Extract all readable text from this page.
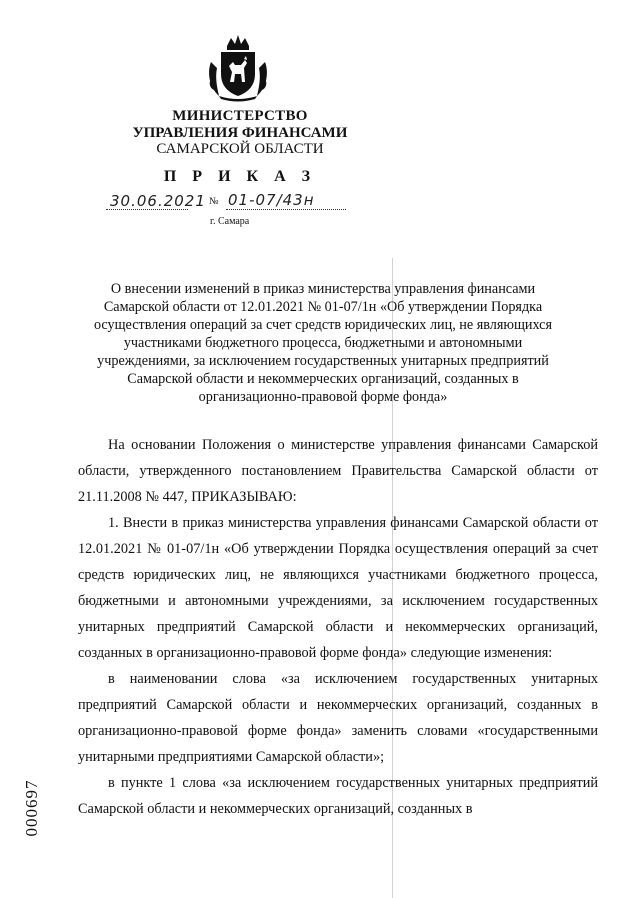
МИНИСТЕРСТВО
УПРАВЛЕНИЯ ФИНАНСАМИ
САМАРСКОЙ ОБЛАСТИ
П Р И К А З
30.06.2021 № 01-07/43н
г. Самара
О внесении изменений в приказ министерства управления финансами Самарской области от 12.01.2021 № 01-07/1н «Об утверждении Порядка осуществления операций за счет средств юридических лиц, не являющихся участниками бюджетного процесса, бюджетными и автономными учреждениями, за исключением государственных унитарных предприятий Самарской области и некоммерческих организаций, созданных в организационно-правовой форме фонда»

На основании Положения о министерстве управления финансами Самарской области, утвержденного постановлением Правительства Самарской области от 21.11.2008 № 447, ПРИКАЗЫВАЮ:

1. Внести в приказ министерства управления финансами Самарской области от 12.01.2021 № 01-07/1н «Об утверждении Порядка осуществления операций за счет средств юридических лиц, не являющихся участниками бюджетного процесса, бюджетными и автономными учреждениями, за исключением государственных унитарных предприятий Самарской области и некоммерческих организаций, созданных в организационно-правовой форме фонда» следующие изменения:

в наименовании слова «за исключением государственных унитарных предприятий Самарской области и некоммерческих организаций, созданных в организационно-правовой форме фонда» заменить словами «государственными унитарными предприятиями Самарской области»;

в пункте 1 слова «за исключением государственных унитарных предприятий Самарской области и некоммерческих организаций, созданных в

000697
